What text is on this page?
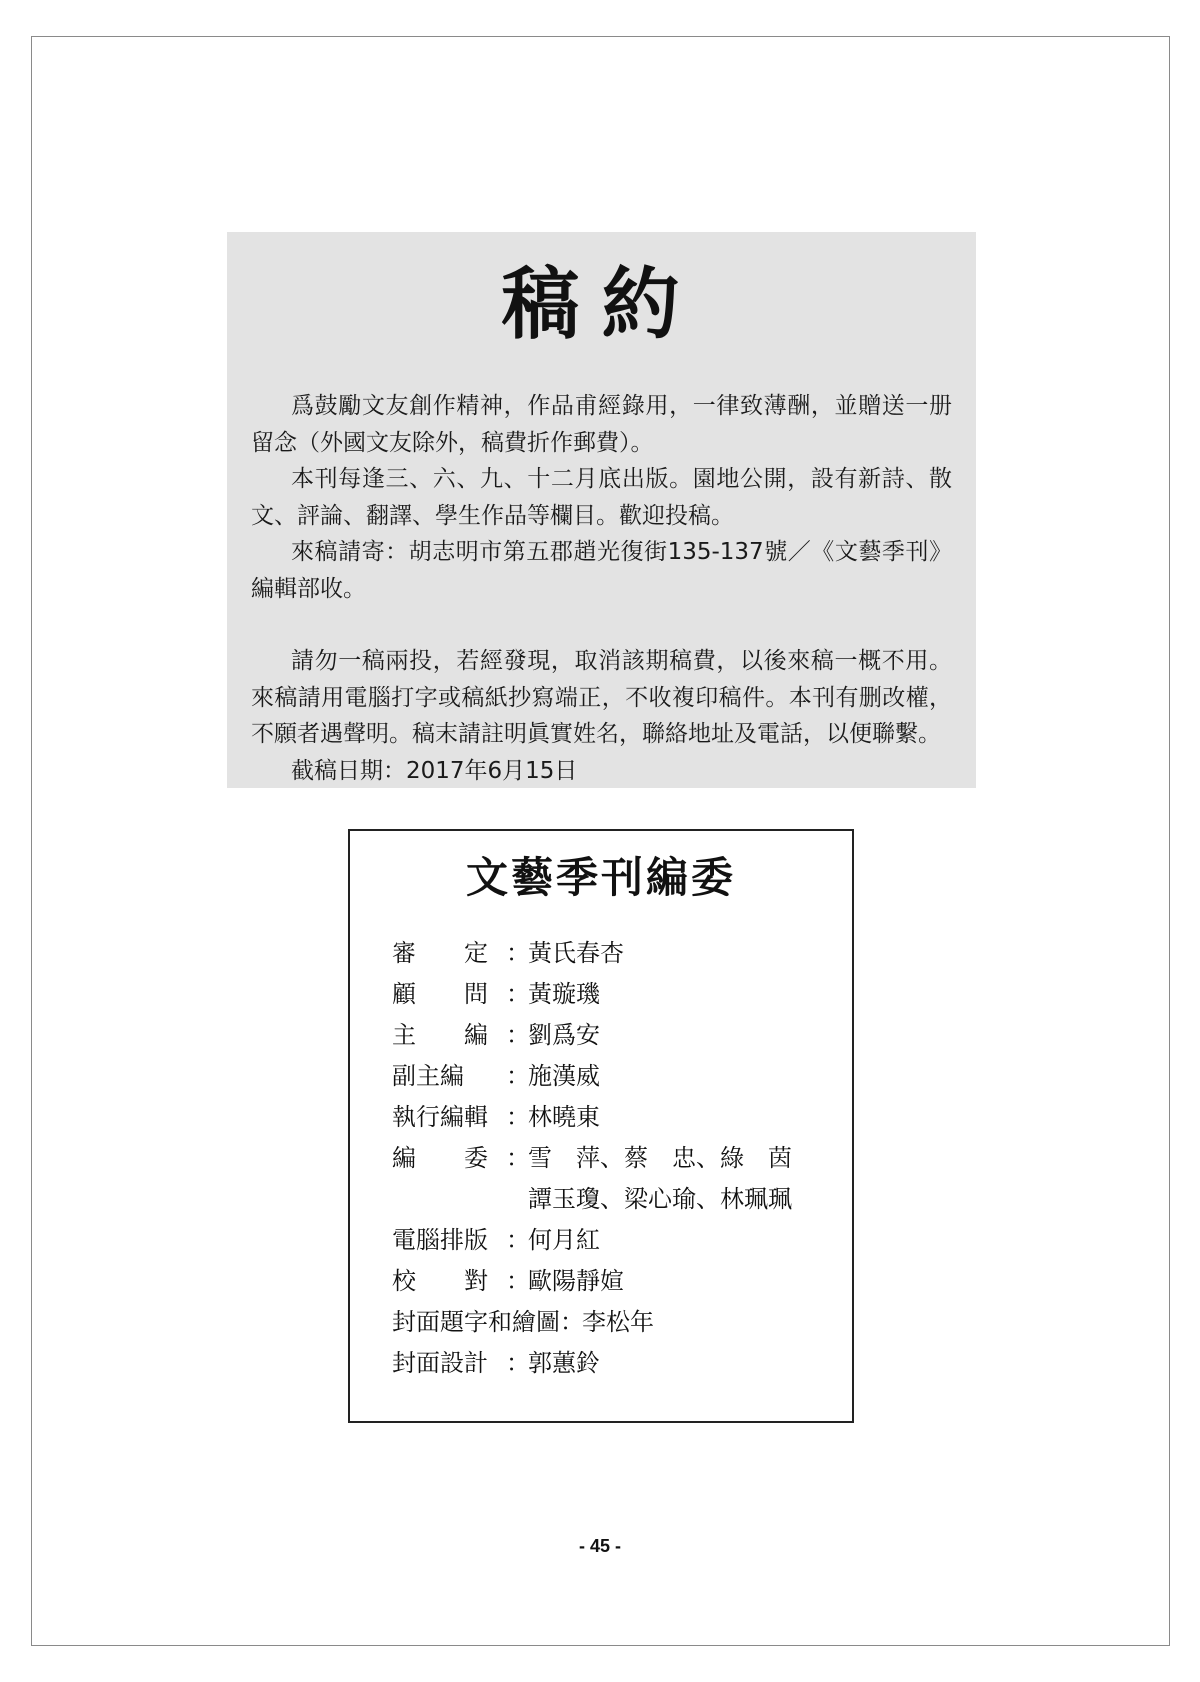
稿約

爲鼓勵文友創作精神，作品甫經錄用，一律致薄酬，並贈送一册留念（外國文友除外，稿費折作郵費）。

本刊每逢三、六、九、十二月底出版。園地公開，設有新詩、散文、評論、翻譯、學生作品等欄目。歡迎投稿。

來稿請寄：胡志明市第五郡趙光復街135-137號／《文藝季刊》編輯部收。

請勿一稿兩投，若經發現，取消該期稿費，以後來稿一概不用。來稿請用電腦打字或稿紙抄寫端正，不收複印稿件。本刊有删改權，不願者遇聲明。稿末請註明眞實姓名，聯絡地址及電話，以便聯繫。

截稿日期：2017年6月15日

文藝季刊編委
審　　定 ：
黃氏春杏
顧　　問 ：
黃璇璣
主　　編 ：
劉爲安
副主編　 ：
施漢威
執行編輯 ：
林曉東
編　　委 ：
雪　萍、蔡　忠、綠　茵
譚玉瓊、梁心瑜、林珮珮
電腦排版 ：
何月紅
校　　對 ：
歐陽靜媗
封面題字和繪圖 ：
李松年
封面設計 ：
郭蕙鈴
- 45 -
